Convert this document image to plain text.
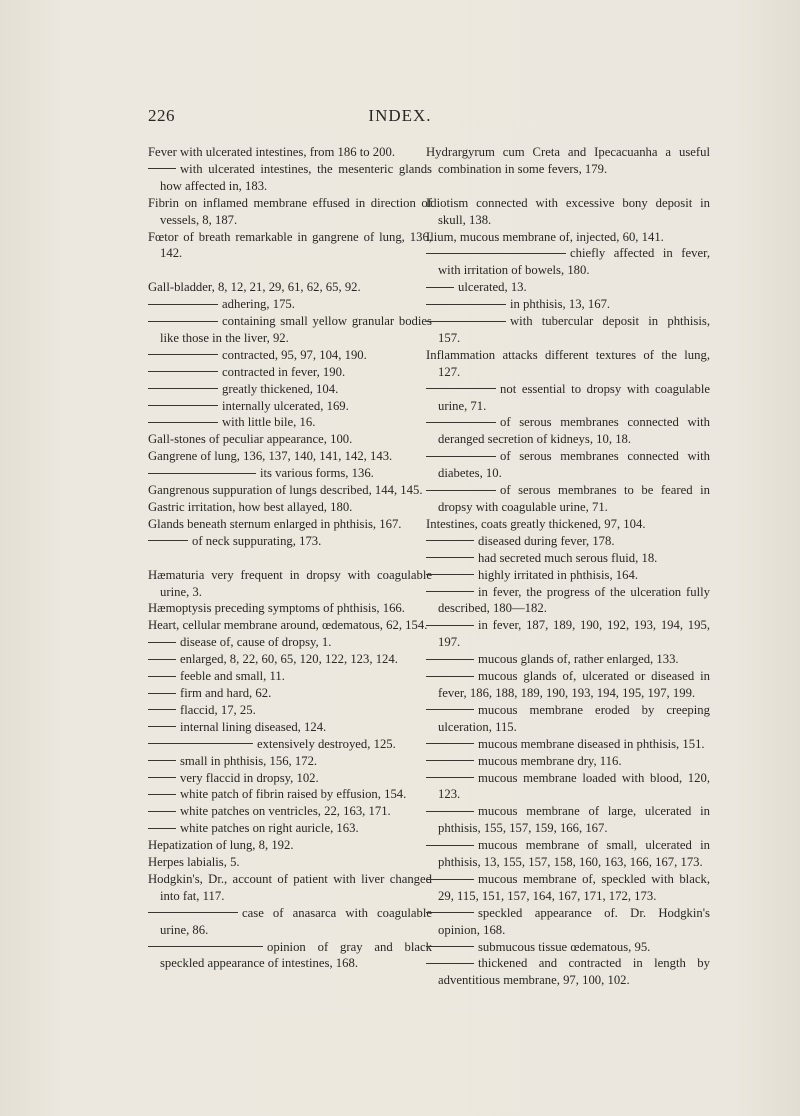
226	INDEX.

Fever with ulcerated intestines, from 186 to 200.

with ulcerated intestines, the mesenteric glands how affected in, 183.

Fibrin on inflamed membrane effused in direction of vessels, 8, 187.

Fœtor of breath remarkable in gangrene of lung, 136, 142.

Gall-bladder, 8, 12, 21, 29, 61, 62, 65, 92.

adhering, 175.

containing small yellow granular bodies like those in the liver, 92.

contracted, 95, 97, 104, 190.

contracted in fever, 190.

greatly thickened, 104.

internally ulcerated, 169.

with little bile, 16.

Gall-stones of peculiar appearance, 100.

Gangrene of lung, 136, 137, 140, 141, 142, 143.

its various forms, 136.

Gangrenous suppuration of lungs described, 144, 145.

Gastric irritation, how best allayed, 180.

Glands beneath sternum enlarged in phthisis, 167.

of neck suppurating, 173.

Hæmaturia very frequent in dropsy with coagulable urine, 3.

Hæmoptysis preceding symptoms of phthisis, 166.

Heart, cellular membrane around, œdematous, 62, 154.

disease of, cause of dropsy, 1.

enlarged, 8, 22, 60, 65, 120, 122, 123, 124.

feeble and small, 11.

firm and hard, 62.

flaccid, 17, 25.

internal lining diseased, 124.

extensively destroyed, 125.

small in phthisis, 156, 172.

very flaccid in dropsy, 102.

white patch of fibrin raised by effusion, 154.

white patches on ventricles, 22, 163, 171.

white patches on right auricle, 163.

Hepatization of lung, 8, 192.

Herpes labialis, 5.

Hodgkin's, Dr., account of patient with liver changed into fat, 117.

case of anasarca with coagulable urine, 86.

opinion of gray and black speckled appearance of intestines, 168.

Hydrargyrum cum Creta and Ipecacuanha a useful combination in some fevers, 179.

Idiotism connected with excessive bony deposit in skull, 138.

Ilium, mucous membrane of, injected, 60, 141.

chiefly affected in fever, with irritation of bowels, 180.

ulcerated, 13.

in phthisis, 13, 167.

with tubercular deposit in phthisis, 157.

Inflammation attacks different textures of the lung, 127.

not essential to dropsy with coagulable urine, 71.

of serous membranes connected with deranged secretion of kidneys, 10, 18.

of serous membranes connected with diabetes, 10.

of serous membranes to be feared in dropsy with coagulable urine, 71.

Intestines, coats greatly thickened, 97, 104.

diseased during fever, 178.

had secreted much serous fluid, 18.

highly irritated in phthisis, 164.

in fever, the progress of the ulceration fully described, 180—182.

in fever, 187, 189, 190, 192, 193, 194, 195, 197.

mucous glands of, rather enlarged, 133.

mucous glands of, ulcerated or diseased in fever, 186, 188, 189, 190, 193, 194, 195, 197, 199.

mucous membrane eroded by creeping ulceration, 115.

mucous membrane diseased in phthisis, 151.

mucous membrane dry, 116.

mucous membrane loaded with blood, 120, 123.

mucous membrane of large, ulcerated in phthisis, 155, 157, 159, 166, 167.

mucous membrane of small, ulcerated in phthisis, 13, 155, 157, 158, 160, 163, 166, 167, 173.

mucous membrane of, speckled with black, 29, 115, 151, 157, 164, 167, 171, 172, 173.

speckled appearance of. Dr. Hodgkin's opinion, 168.

submucous tissue œdematous, 95.

thickened and contracted in length by adventitious membrane, 97, 100, 102.
